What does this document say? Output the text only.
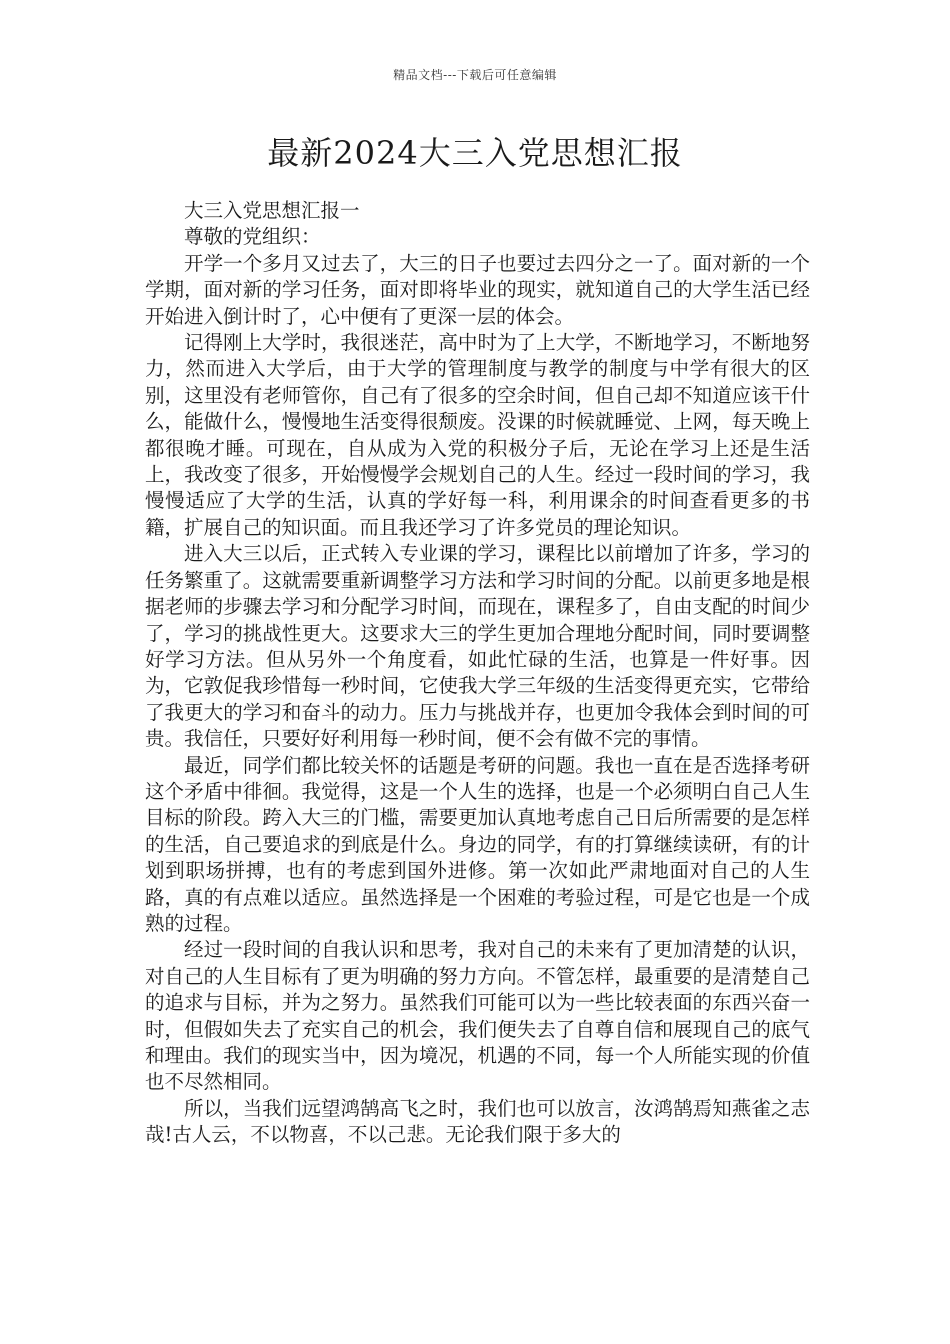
精品文档---下载后可任意编辑
最新2024大三入党思想汇报

大三入党思想汇报一

尊敬的党组织：

开学一个多月又过去了，大三的日子也要过去四分之一了。面对新的一个学期，面对新的学习任务，面对即将毕业的现实，就知道自己的大学生活已经开始进入倒计时了，心中便有了更深一层的体会。

记得刚上大学时，我很迷茫，高中时为了上大学，不断地学习，不断地努力，然而进入大学后，由于大学的管理制度与教学的制度与中学有很大的区别，这里没有老师管你，自己有了很多的空余时间，但自己却不知道应该干什么，能做什么，慢慢地生活变得很颓废。没课的时候就睡觉、上网，每天晚上都很晚才睡。可现在，自从成为入党的积极分子后，无论在学习上还是生活上，我改变了很多，开始慢慢学会规划自己的人生。经过一段时间的学习，我慢慢适应了大学的生活，认真的学好每一科，利用课余的时间查看更多的书籍，扩展自己的知识面。而且我还学习了许多党员的理论知识。

进入大三以后，正式转入专业课的学习，课程比以前增加了许多，学习的任务繁重了。这就需要重新调整学习方法和学习时间的分配。以前更多地是根据老师的步骤去学习和分配学习时间，而现在，课程多了，自由支配的时间少了，学习的挑战性更大。这要求大三的学生更加合理地分配时间，同时要调整好学习方法。但从另外一个角度看，如此忙碌的生活，也算是一件好事。因为，它敦促我珍惜每一秒时间，它使我大学三年级的生活变得更充实，它带给了我更大的学习和奋斗的动力。压力与挑战并存，也更加令我体会到时间的可贵。我信任，只要好好利用每一秒时间，便不会有做不完的事情。

最近，同学们都比较关怀的话题是考研的问题。我也一直在是否选择考研这个矛盾中徘徊。我觉得，这是一个人生的选择，也是一个必须明白自己人生目标的阶段。跨入大三的门槛，需要更加认真地考虑自己日后所需要的是怎样的生活，自己要追求的到底是什么。身边的同学，有的打算继续读研，有的计划到职场拼搏，也有的考虑到国外进修。第一次如此严肃地面对自己的人生路，真的有点难以适应。虽然选择是一个困难的考验过程，可是它也是一个成熟的过程。

经过一段时间的自我认识和思考，我对自己的未来有了更加清楚的认识，对自己的人生目标有了更为明确的努力方向。不管怎样，最重要的是清楚自己的追求与目标，并为之努力。虽然我们可能可以为一些比较表面的东西兴奋一时，但假如失去了充实自己的机会，我们便失去了自尊自信和展现自己的底气和理由。我们的现实当中，因为境况，机遇的不同，每一个人所能实现的价值也不尽然相同。

所以，当我们远望鸿鹄高飞之时，我们也可以放言，汝鸿鹄焉知燕雀之志哉!古人云，不以物喜，不以己悲。无论我们限于多大的
